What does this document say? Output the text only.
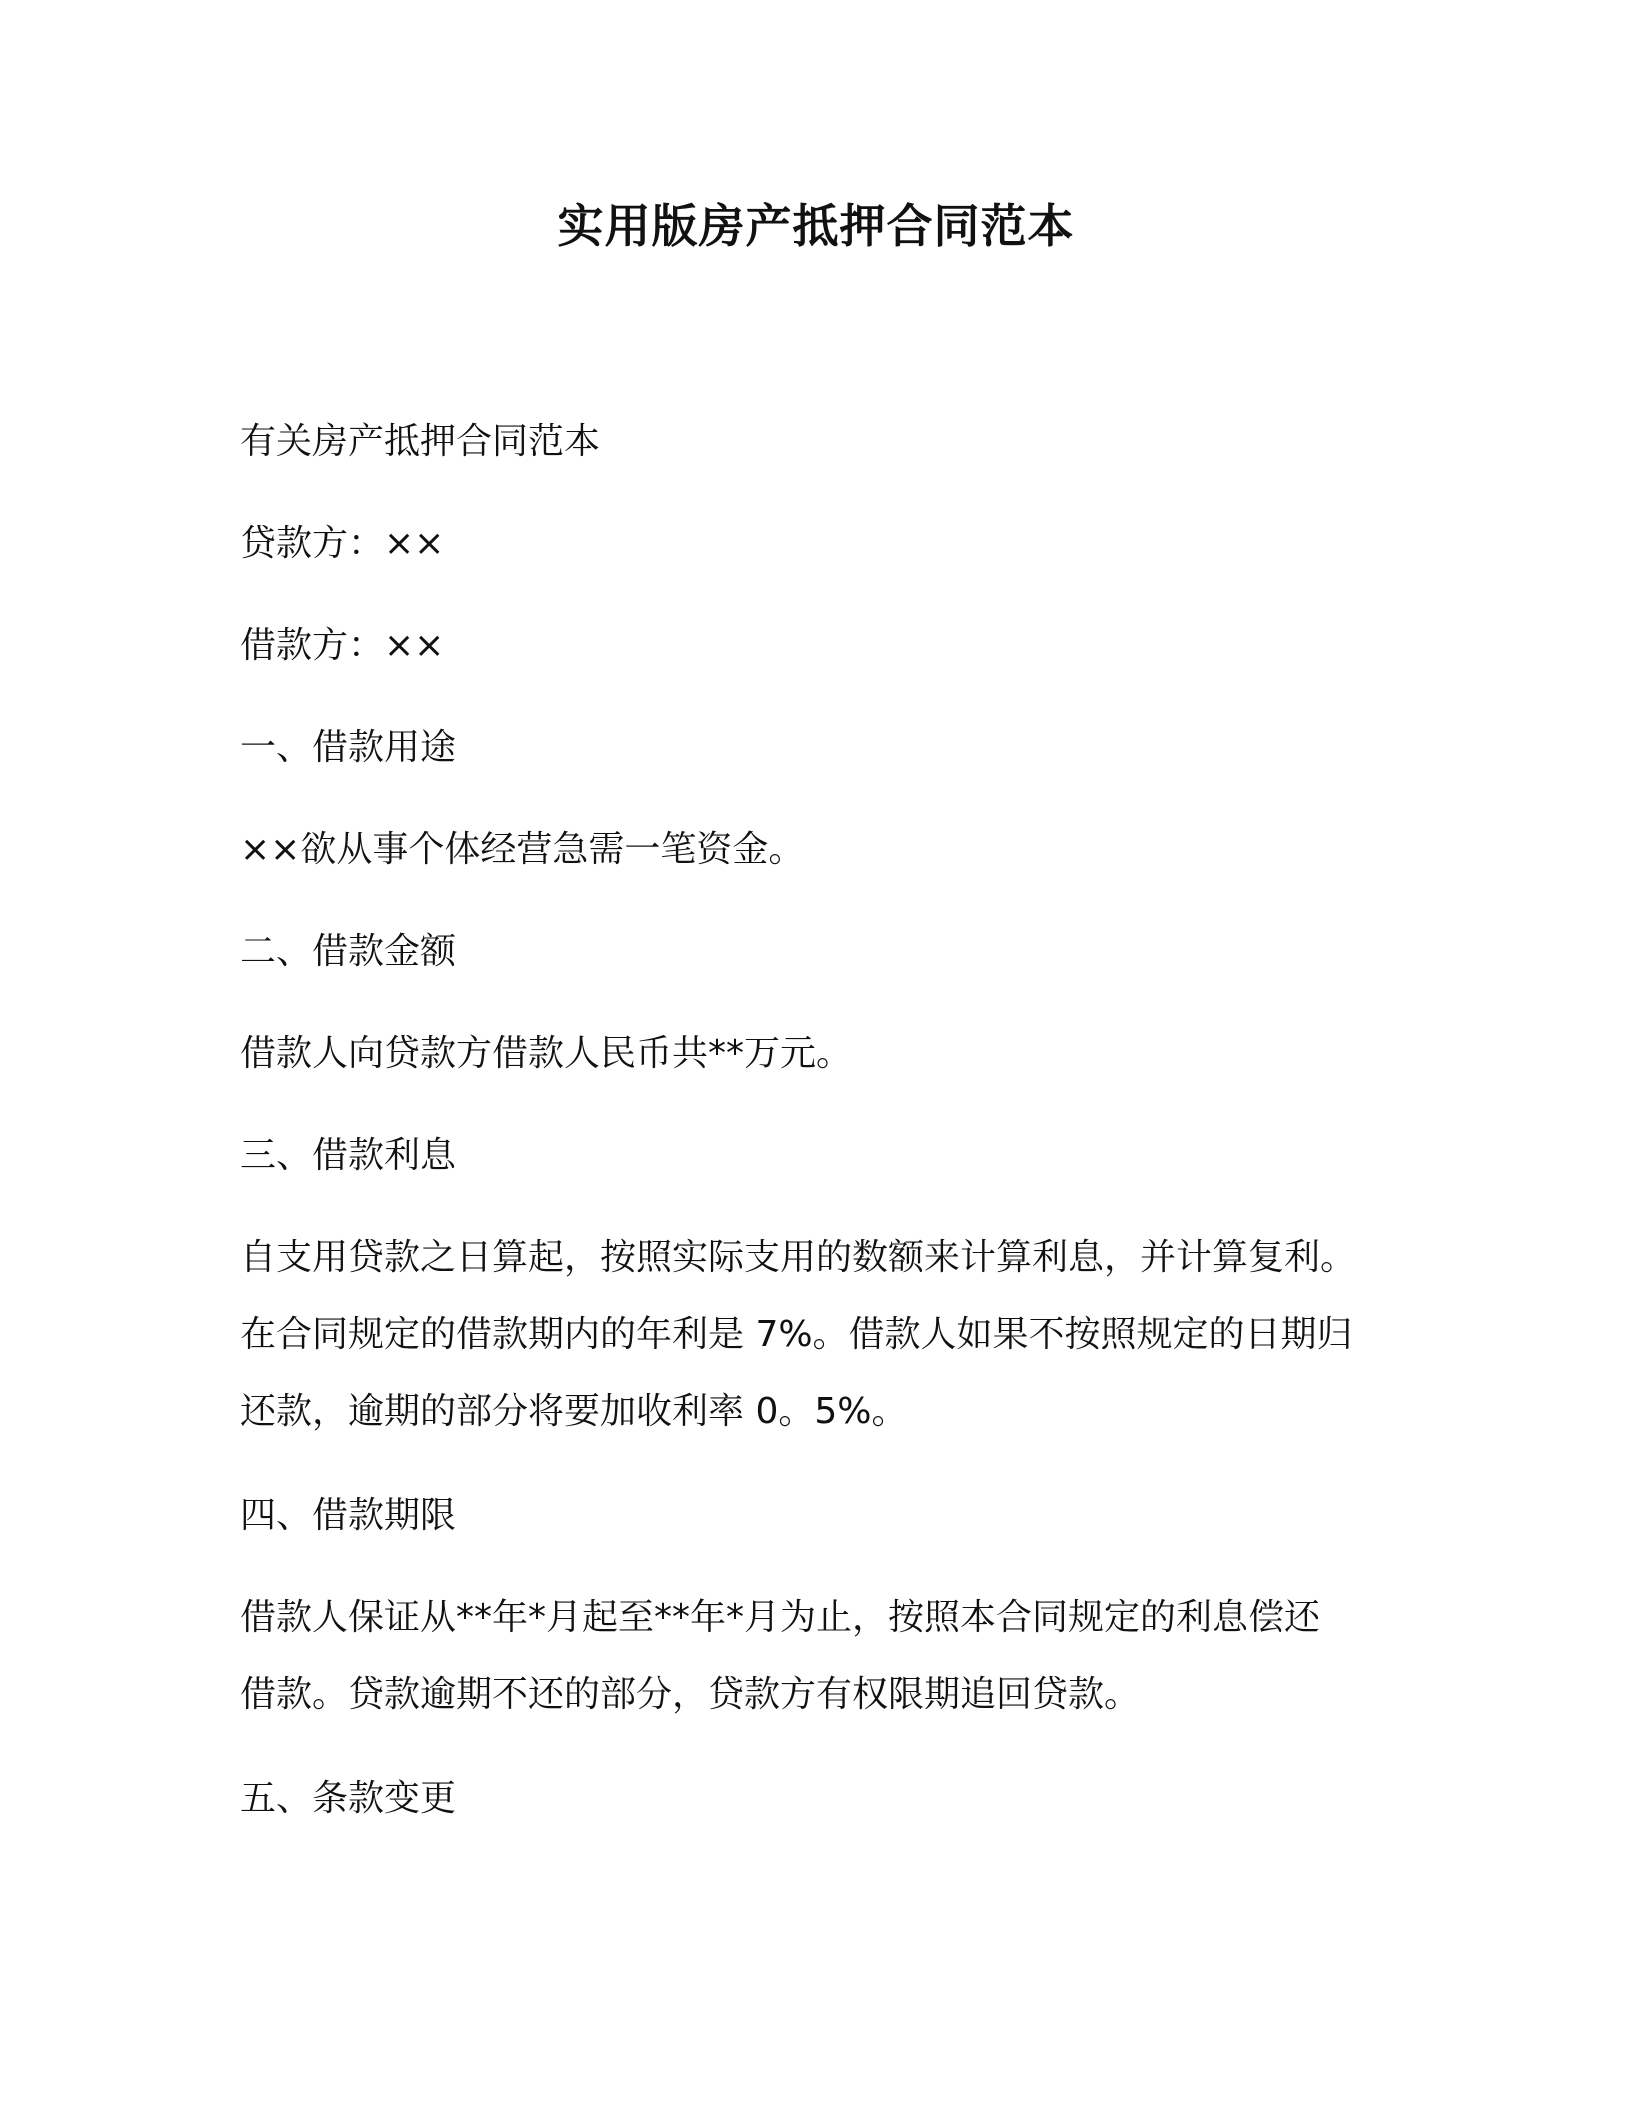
实用版房产抵押合同范本
有关房产抵押合同范本
贷款方：××
借款方：××
一、借款用途
××欲从事个体经营急需一笔资金。
二、借款金额
借款人向贷款方借款人民币共**万元。
三、借款利息
自支用贷款之日算起，按照实际支用的数额来计算利息，并计算复利。
在合同规定的借款期内的年利是 7%。借款人如果不按照规定的日期归
还款，逾期的部分将要加收利率 0。5%。
四、借款期限
借款人保证从**年*月起至**年*月为止，按照本合同规定的利息偿还
借款。贷款逾期不还的部分，贷款方有权限期追回贷款。
五、条款变更
